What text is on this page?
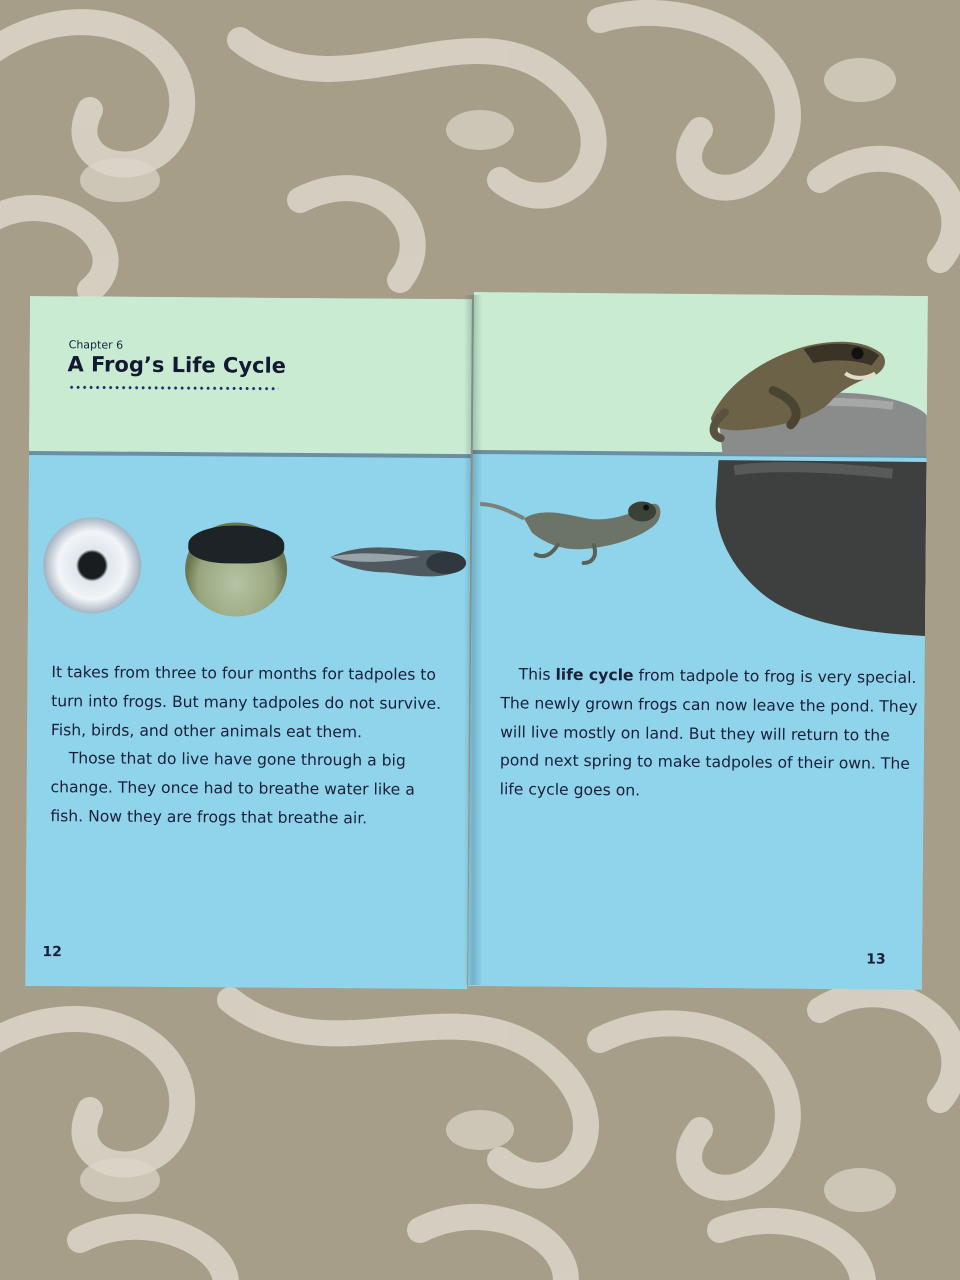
Chapter 6
A Frog’s Life Cycle

It takes from three to four months for tadpoles to turn into frogs. But many tadpoles do not survive. Fish, birds, and other animals eat them.

Those that do live have gone through a big change. They once had to breathe water like a fish. Now they are frogs that breathe air.

12

This life cycle from tadpole to frog is very special. The newly grown frogs can now leave the pond. They will live mostly on land. But they will return to the pond next spring to make tadpoles of their own. The life cycle goes on.

13
